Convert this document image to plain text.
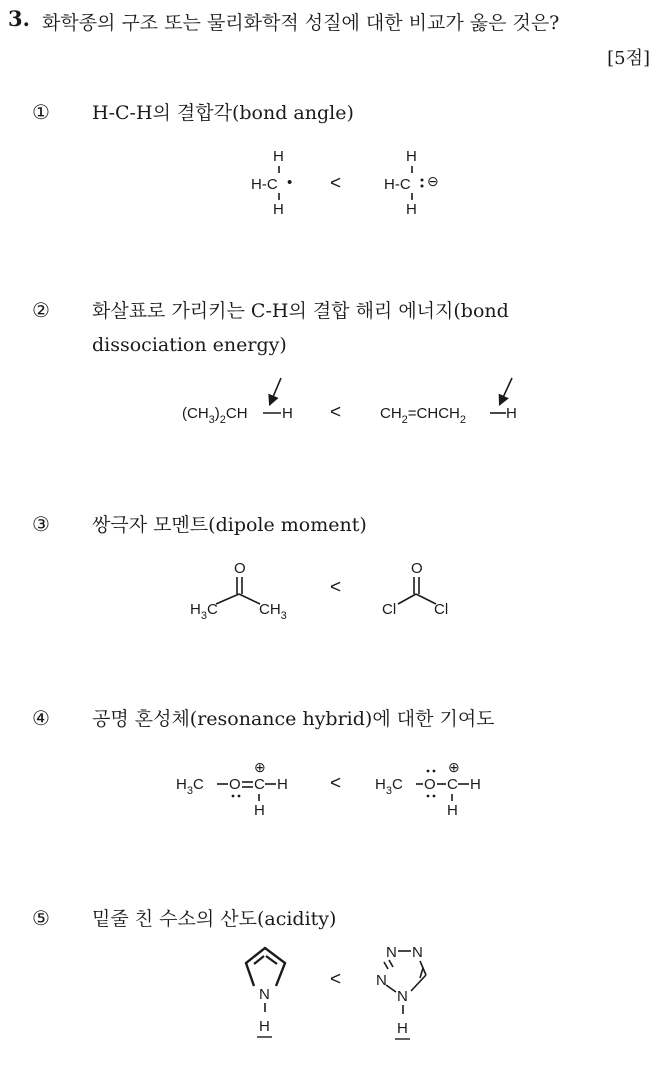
3. 화학종의 구조 또는 물리화학적 성질에 대한 비교가 옳은 것은?
[5점]
① H-C-H의 결합각(bond angle)
② 화살표로 가리키는 C-H의 결합 해리 에너지(bond dissociation energy)
③ 쌍극자 모멘트(dipole moment)
④ 공명 혼성체(resonance hybrid)에 대한 기여도
⑤ 밑줄 친 수소의 산도(acidity)
H
H-C •
H
<
H
H-C ⊖
H
$(CH_3)_2CH$ H <	$CH_2=CHCH_2$	H
O
$H_3C$	$CH_3$
<
O
Cl	Cl
⊕
$H_3C$ O C H
H
<
⊕
$H_3C$ O C H
H
N
H
<
N N
N
N
H
